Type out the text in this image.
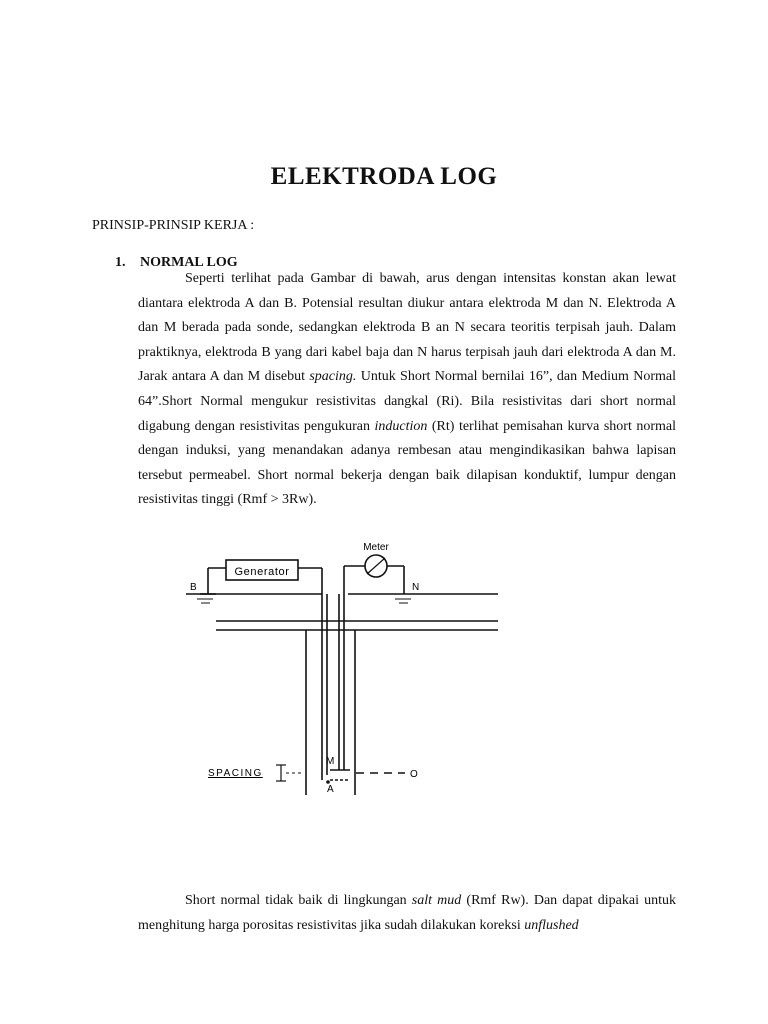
ELEKTRODA LOG
PRINSIP-PRINSIP KERJA :
1. NORMAL LOG
Seperti terlihat pada Gambar di bawah, arus dengan intensitas konstan akan lewat diantara elektroda A dan B. Potensial resultan diukur antara elektroda M dan N. Elektroda A dan M berada pada sonde, sedangkan elektroda B an N secara teoritis terpisah jauh. Dalam praktiknya, elektroda B yang dari kabel baja dan N harus terpisah jauh dari elektroda A dan M. Jarak antara A dan M disebut spacing. Untuk Short Normal bernilai 16”, dan Medium Normal 64”.Short Normal mengukur resistivitas dangkal (Ri). Bila resistivitas dari short normal digabung dengan resistivitas pengukuran induction (Rt) terlihat pemisahan kurva short normal dengan induksi, yang menandakan adanya rembesan atau mengindikasikan bahwa lapisan tersebut permeabel. Short normal bekerja dengan baik dilapisan konduktif, lumpur dengan resistivitas tinggi (Rmf > 3Rw).
Meter
Generator
B	N
M
A
O
SPACING
Short normal tidak baik di lingkungan salt mud (Rmf Rw). Dan dapat dipakai untuk menghitung harga porositas resistivitas jika sudah dilakukan koreksi unflushed
